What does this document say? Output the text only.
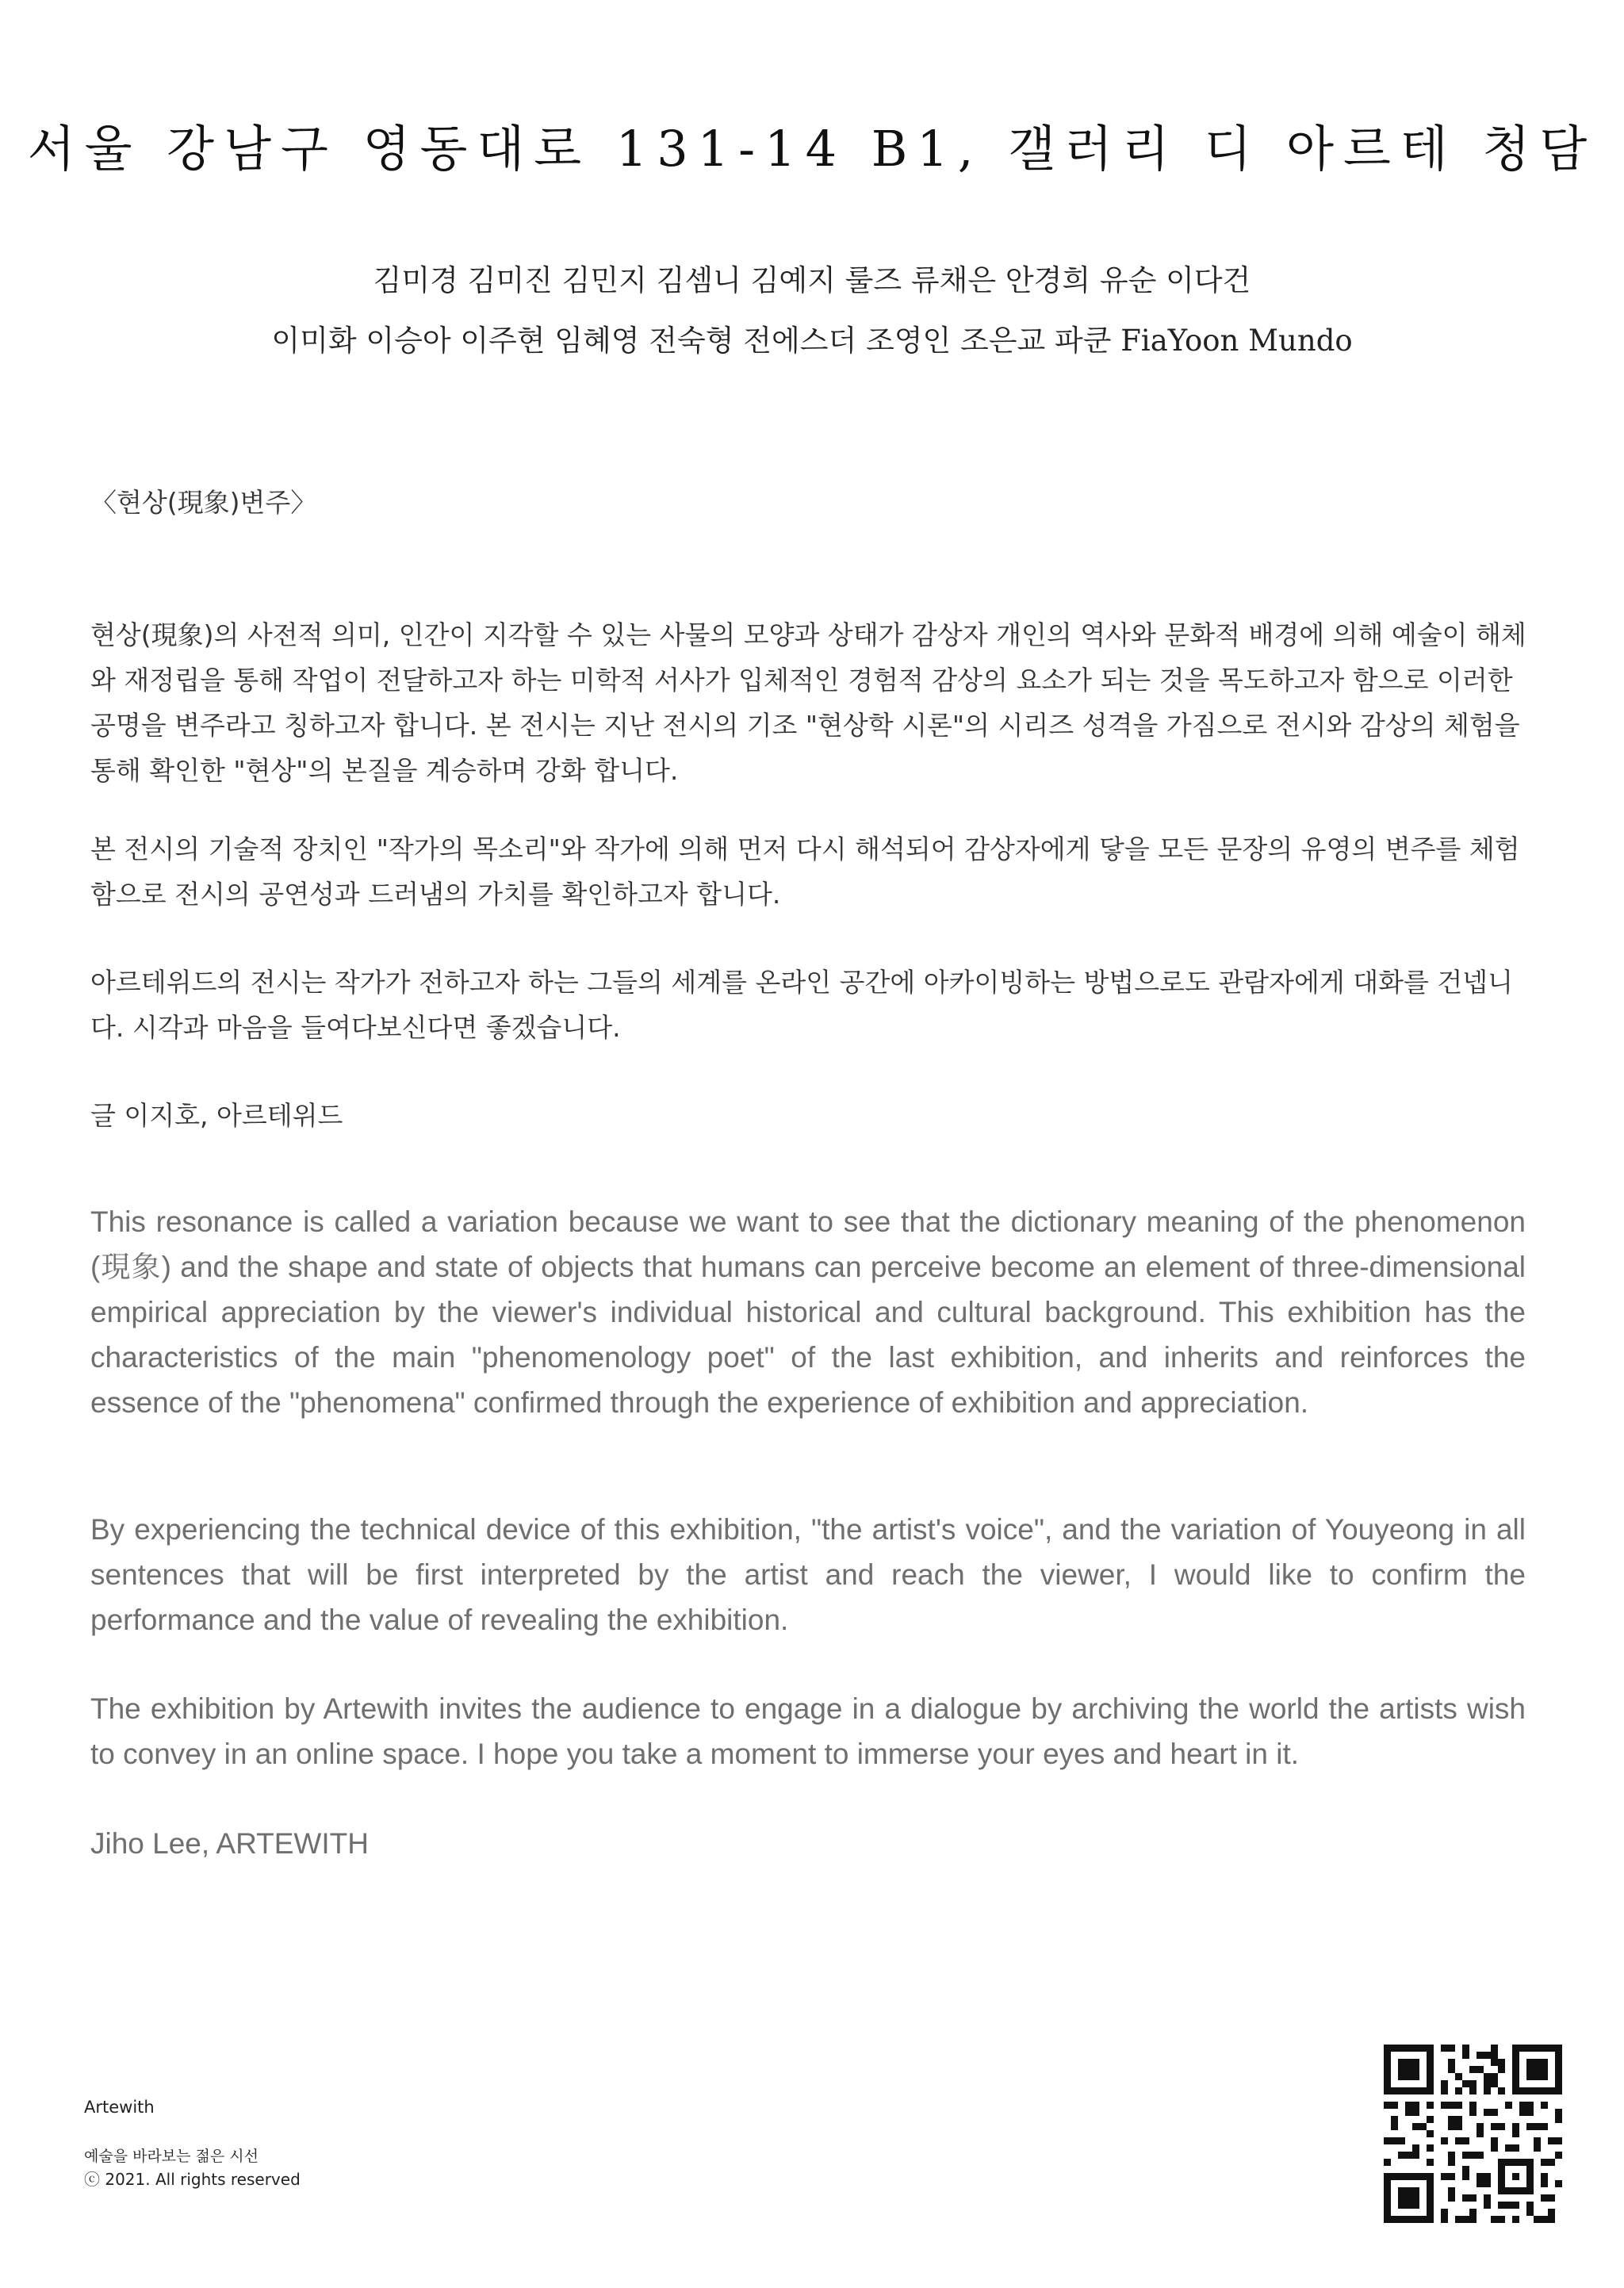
서울 강남구 영동대로 131-14 B1, 갤러리 디 아르테 청담
김미경 김미진 김민지 김셈니 김예지 룰즈 류채은 안경희 유순 이다건
이미화 이승아 이주현 임혜영 전숙형 전에스더 조영인 조은교 파쿤 FiaYoon Mundo
〈현상(現象)변주〉

현상(現象)의 사전적 의미, 인간이 지각할 수 있는 사물의 모양과 상태가 감상자 개인의 역사와 문화적 배경에 의해 예술이 해체와 재정립을 통해 작업이 전달하고자 하는 미학적 서사가 입체적인 경험적 감상의 요소가 되는 것을 목도하고자 함으로 이러한 공명을 변주라고 칭하고자 합니다. 본 전시는 지난 전시의 기조 "현상학 시론"의 시리즈 성격을 가짐으로 전시와 감상의 체험을 통해 확인한 "현상"의 본질을 계승하며 강화 합니다.

본 전시의 기술적 장치인 "작가의 목소리"와 작가에 의해 먼저 다시 해석되어 감상자에게 닿을 모든 문장의 유영의 변주를 체험함으로 전시의 공연성과 드러냄의 가치를 확인하고자 합니다.

아르테위드의 전시는 작가가 전하고자 하는 그들의 세계를 온라인 공간에 아카이빙하는 방법으로도 관람자에게 대화를 건넵니다. 시각과 마음을 들여다보신다면 좋겠습니다.

글 이지호, 아르테위드

This resonance is called a variation because we want to see that the dictionary meaning of the phenomenon (現象) and the shape and state of objects that humans can perceive become an element of three-dimensional empirical appreciation by the viewer's individual historical and cultural background. This exhibition has the characteristics of the main "phenomenology poet" of the last exhibition, and inherits and reinforces the essence of the "phenomena" confirmed through the experience of exhibition and appreciation.

By experiencing the technical device of this exhibition, "the artist's voice", and the variation of Youyeong in all sentences that will be first interpreted by the artist and reach the viewer, I would like to confirm the performance and the value of revealing the exhibition.

The exhibition by Artewith invites the audience to engage in a dialogue by archiving the world the artists wish to convey in an online space. I hope you take a moment to immerse your eyes and heart in it.

Jiho Lee, ARTEWITH

Artewith
예술을 바라보는 젊은 시선
ⓒ 2021. All rights reserved
